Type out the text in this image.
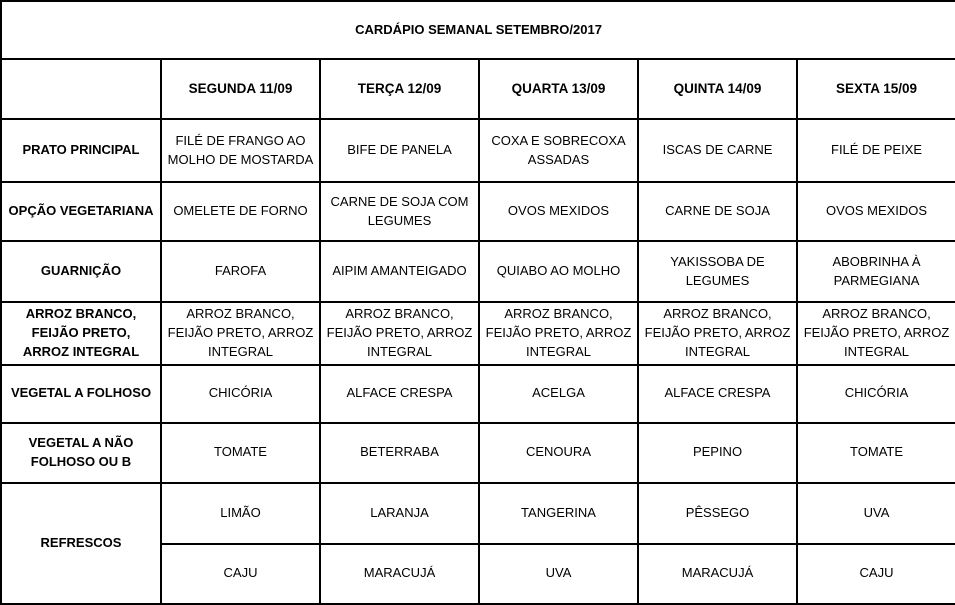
CARDÁPIO SEMANAL SETEMBRO/2017					
	SEGUNDA 11/09	TERÇA 12/09	QUARTA 13/09	QUINTA 14/09	SEXTA 15/09
PRATO PRINCIPAL	FILÉ DE FRANGO AO MOLHO DE MOSTARDA	BIFE DE PANELA	COXA E SOBRECOXA ASSADAS	ISCAS DE CARNE	FILÉ DE PEIXE
OPÇÃO VEGETARIANA	OMELETE DE FORNO	CARNE DE SOJA COM LEGUMES	OVOS MEXIDOS	CARNE DE SOJA	OVOS MEXIDOS
GUARNIÇÃO	FAROFA	AIPIM AMANTEIGADO	QUIABO AO MOLHO	YAKISSOBA DE LEGUMES	ABOBRINHA À PARMEGIANA
ARROZ BRANCO, FEIJÃO PRETO, ARROZ INTEGRAL	ARROZ BRANCO, FEIJÃO PRETO, ARROZ INTEGRAL	ARROZ BRANCO, FEIJÃO PRETO, ARROZ INTEGRAL	ARROZ BRANCO, FEIJÃO PRETO, ARROZ INTEGRAL	ARROZ BRANCO, FEIJÃO PRETO, ARROZ INTEGRAL	ARROZ BRANCO, FEIJÃO PRETO, ARROZ INTEGRAL
VEGETAL A FOLHOSO	CHICÓRIA	ALFACE CRESPA	ACELGA	ALFACE CRESPA	CHICÓRIA
VEGETAL A NÃO FOLHOSO OU B	TOMATE	BETERRABA	CENOURA	PEPINO	TOMATE
REFRESCOS	LIMÃO	LARANJA	TANGERINA	PÊSSEGO	UVA
	CAJU	MARACUJÁ	UVA	MARACUJÁ	CAJU
